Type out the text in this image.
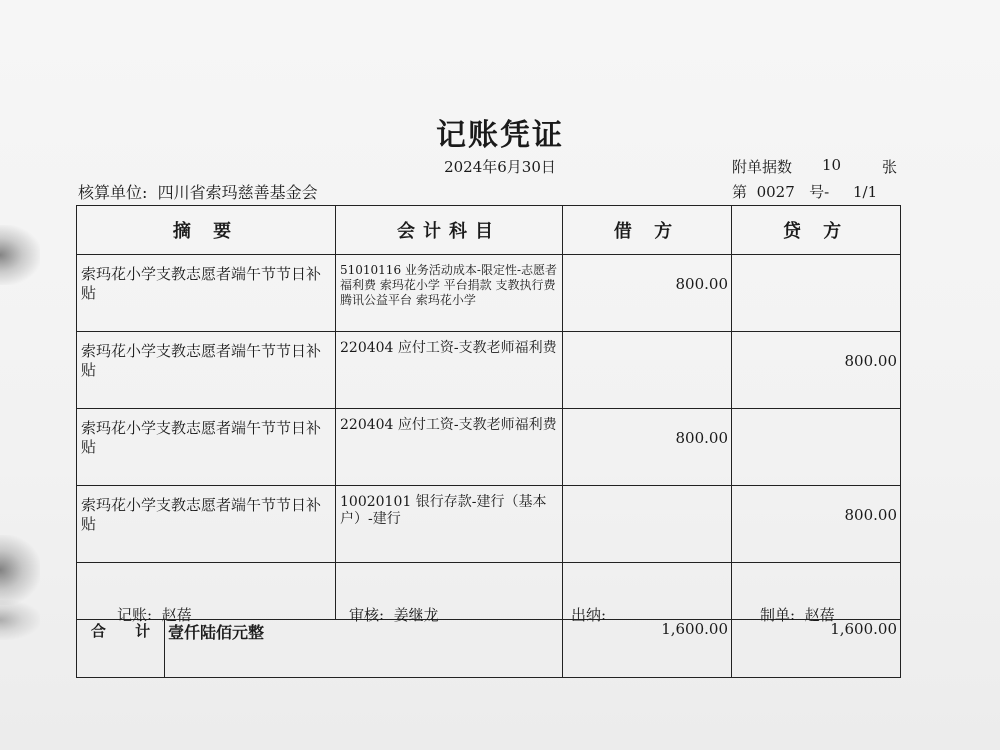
记账凭证
2024年6月30日	附单据数 10	张
核算单位: 四川省索玛慈善基金会	第 0027 号- 1/1
摘 要		会计科目	借 方	贷 方
索玛花小学支教志愿者端午节节日补贴		51010116 业务活动成本-限定性-志愿者福利费 索玛花小学 平台捐款 支教执行费 腾讯公益平台 索玛花小学	800.00	
索玛花小学支教志愿者端午节节日补贴		220404 应付工资-支教老师福利费		800.00
索玛花小学支教志愿者端午节节日补贴		220404 应付工资-支教老师福利费	800.00	
索玛花小学支教志愿者端午节节日补贴		10020101 银行存款-建行（基本户）-建行		800.00

合 计	壹仟陆佰元整		1,600.00	1,600.00
记账: 赵蓓	审核: 姜继龙	出纳:	制单: 赵蓓
